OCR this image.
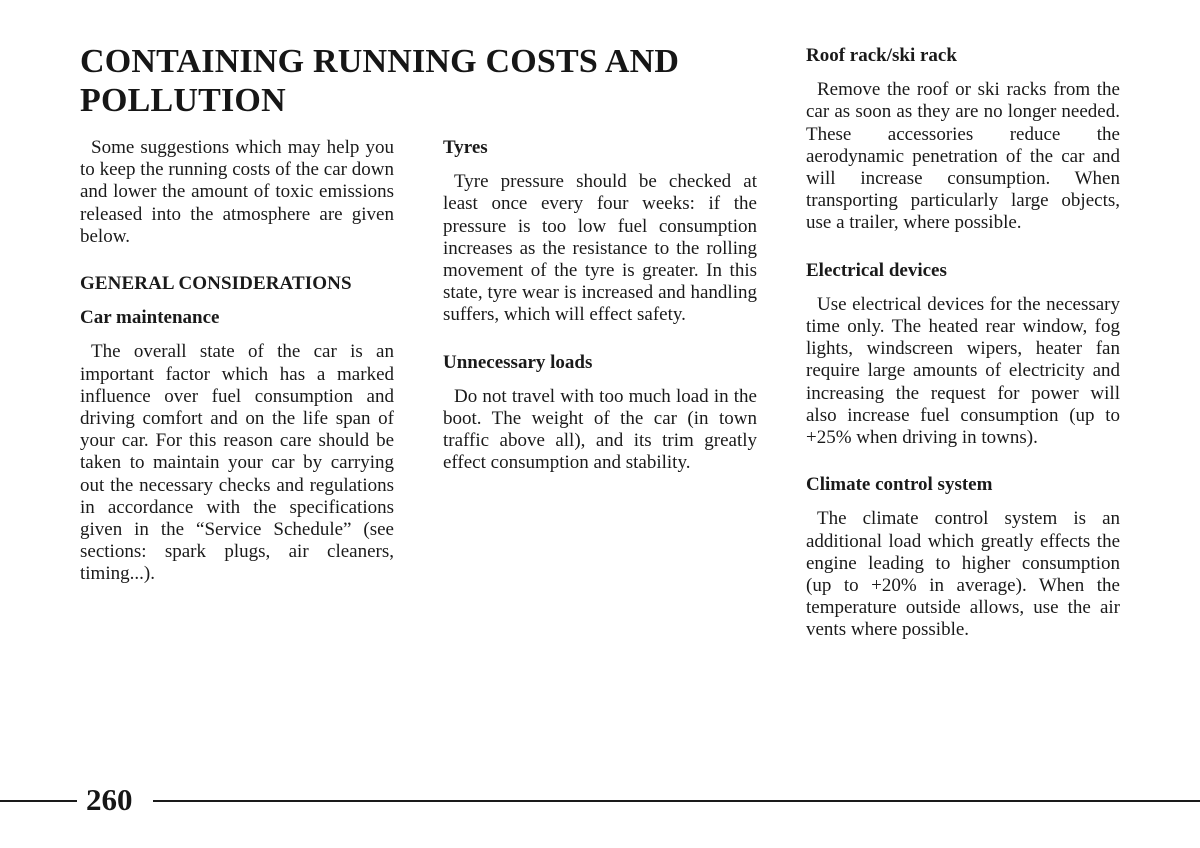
CONTAINING RUNNING COSTS AND
POLLUTION

Some suggestions which may help you to keep the running costs of the car down and lower the amount of toxic emissions released into the atmosphere are given below.

GENERAL CONSIDERATIONS
Car maintenance

The overall state of the car is an important factor which has a marked influence over fuel consumption and driving comfort and on the life span of your car. For this reason care should be taken to maintain your car by carrying out the necessary checks and regulations in accordance with the specifications given in the “Service Schedule” (see sections: spark plugs, air cleaners, timing...).

Tyres

Tyre pressure should be checked at least once every four weeks: if the pressure is too low fuel consumption increases as the resistance to the rolling movement of the tyre is greater. In this state, tyre wear is increased and handling suffers, which will effect safety.

Unnecessary loads

Do not travel with too much load in the boot. The weight of the car (in town traffic above all), and its trim greatly effect consumption and stability.

Roof rack/ski rack

Remove the roof or ski racks from the car as soon as they are no longer needed. These accessories reduce the aerodynamic penetration of the car and will increase consumption. When transporting particularly large objects, use a trailer, where possible.

Electrical devices

Use electrical devices for the necessary time only. The heated rear window, fog lights, windscreen wipers, heater fan require large amounts of electricity and increasing the request for power will also increase fuel consumption (up to +25% when driving in towns).

Climate control system

The climate control system is an additional load which greatly effects the engine leading to higher consumption (up to +20% in average). When the temperature outside allows, use the air vents where possible.

260
